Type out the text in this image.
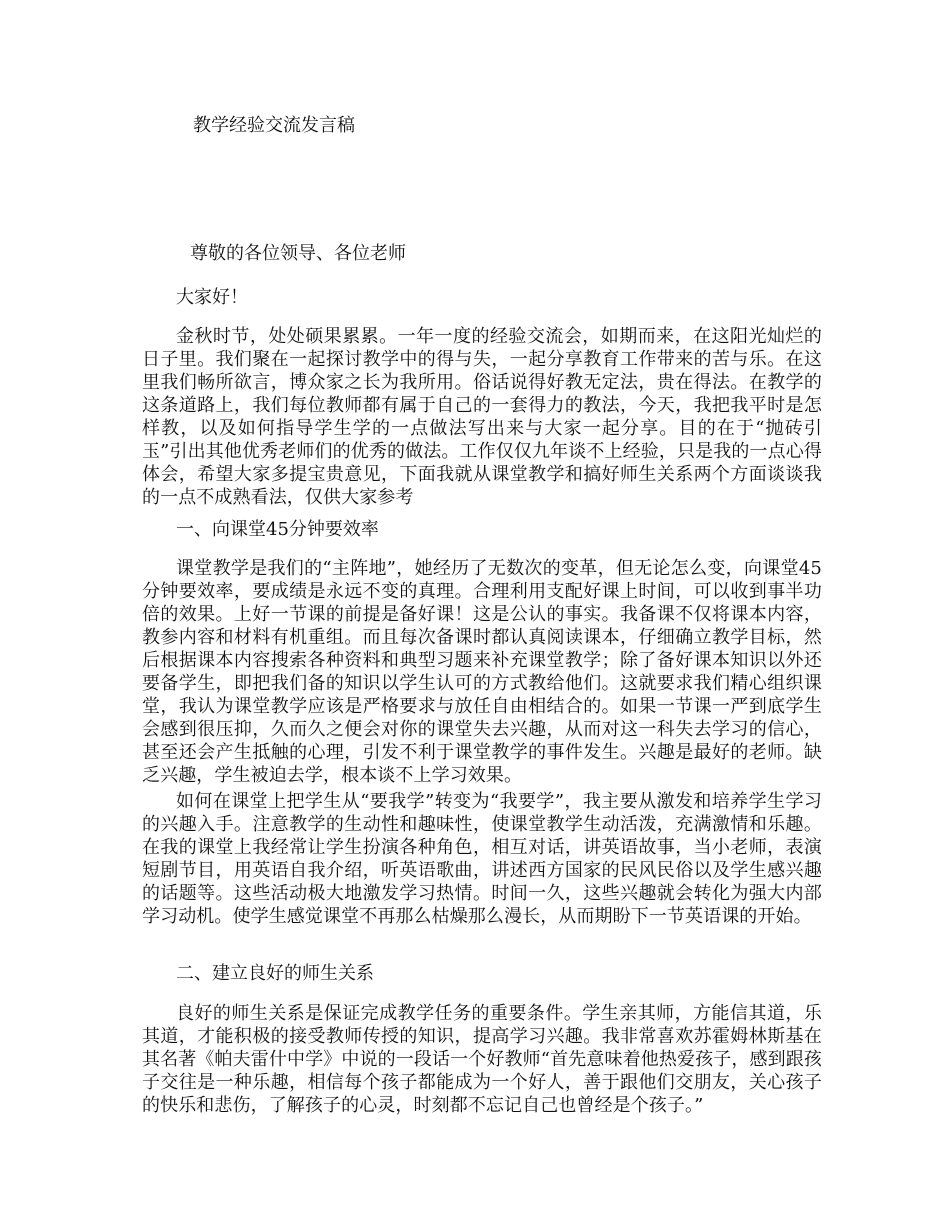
教学经验交流发言稿
尊敬的各位领导、各位老师
大家好！
金秋时节，处处硕果累累。一年一度的经验交流会，如期而来，在这阳光灿烂的日子里。我们聚在一起探讨教学中的得与失，一起分享教育工作带来的苦与乐。在这里我们畅所欲言，博众家之长为我所用。俗话说得好教无定法，贵在得法。在教学的这条道路上，我们每位教师都有属于自己的一套得力的教法，今天，我把我平时是怎样教，以及如何指导学生学的一点做法写出来与大家一起分享。目的在于“抛砖引玉”引出其他优秀老师们的优秀的做法。工作仅仅九年谈不上经验，只是我的一点心得体会，希望大家多提宝贵意见，下面我就从课堂教学和搞好师生关系两个方面谈谈我的一点不成熟看法，仅供大家参考
一、向课堂45分钟要效率
课堂教学是我们的“主阵地”，她经历了无数次的变革，但无论怎么变，向课堂45分钟要效率，要成绩是永远不变的真理。合理利用支配好课上时间，可以收到事半功倍的效果。上好一节课的前提是备好课！这是公认的事实。我备课不仅将课本内容，教参内容和材料有机重组。而且每次备课时都认真阅读课本，仔细确立教学目标，然后根据课本内容搜索各种资料和典型习题来补充课堂教学；除了备好课本知识以外还要备学生，即把我们备的知识以学生认可的方式教给他们。这就要求我们精心组织课堂，我认为课堂教学应该是严格要求与放任自由相结合的。如果一节课一严到底学生会感到很压抑，久而久之便会对你的课堂失去兴趣，从而对这一科失去学习的信心，甚至还会产生抵触的心理，引发不利于课堂教学的事件发生。兴趣是最好的老师。缺乏兴趣，学生被迫去学，根本谈不上学习效果。
如何在课堂上把学生从“要我学”转变为“我要学”，我主要从激发和培养学生学习的兴趣入手。注意教学的生动性和趣味性，使课堂教学生动活泼，充满激情和乐趣。在我的课堂上我经常让学生扮演各种角色，相互对话，讲英语故事，当小老师，表演短剧节目，用英语自我介绍，听英语歌曲，讲述西方国家的民风民俗以及学生感兴趣的话题等。这些活动极大地激发学习热情。时间一久，这些兴趣就会转化为强大内部学习动机。使学生感觉课堂不再那么枯燥那么漫长，从而期盼下一节英语课的开始。
二、建立良好的师生关系
良好的师生关系是保证完成教学任务的重要条件。学生亲其师，方能信其道，乐其道，才能积极的接受教师传授的知识，提高学习兴趣。我非常喜欢苏霍姆林斯基在其名著《帕夫雷什中学》中说的一段话一个好教师“首先意味着他热爱孩子，感到跟孩子交往是一种乐趣，相信每个孩子都能成为一个好人，善于跟他们交朋友，关心孩子的快乐和悲伤，了解孩子的心灵，时刻都不忘记自己也曾经是个孩子。”
